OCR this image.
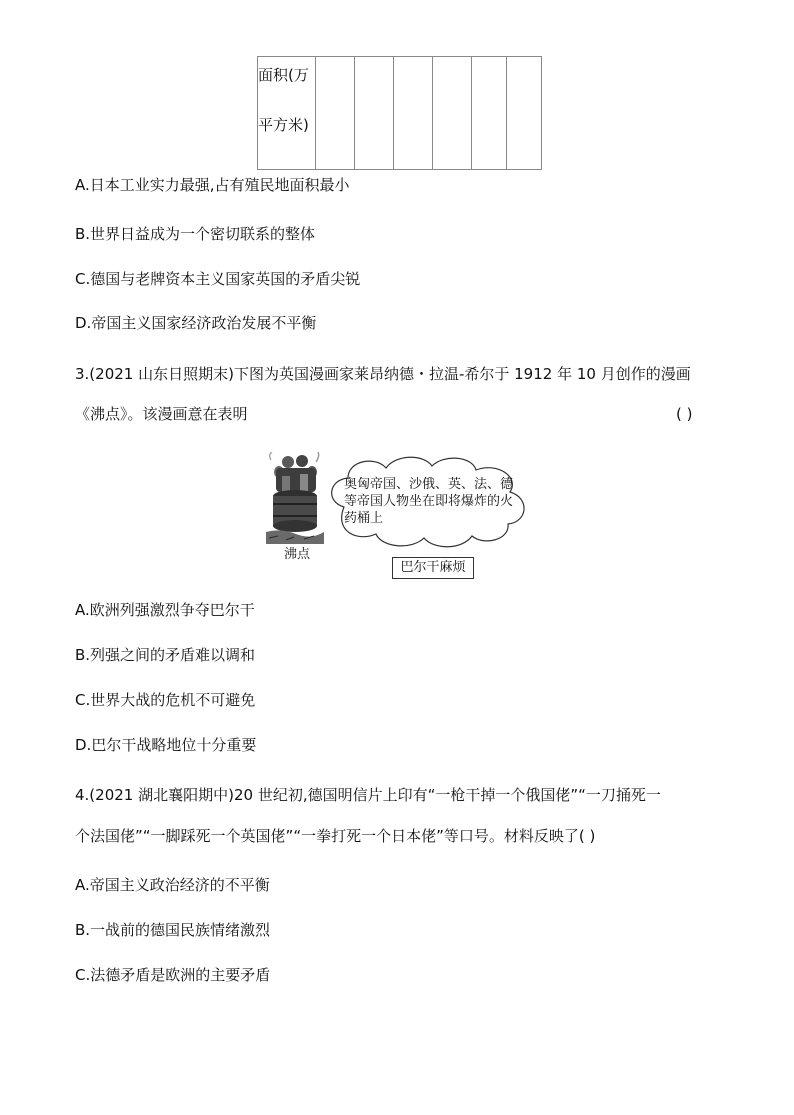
面积(万
平方米)

A.日本工业实力最强,占有殖民地面积最小
B.世界日益成为一个密切联系的整体
C.德国与老牌资本主义国家英国的矛盾尖锐
D.帝国主义国家经济政治发展不平衡
3.(2021 山东日照期末)下图为英国漫画家莱昂纳德・拉温-希尔于 1912 年 10 月创作的漫画
《沸点》。该漫画意在表明	( )
沸点
奥匈帝国、沙俄、英、法、德等帝国人物坐在即将爆炸的火药桶上
巴尔干麻烦
A.欧洲列强激烈争夺巴尔干
B.列强之间的矛盾难以调和
C.世界大战的危机不可避免
D.巴尔干战略地位十分重要
4.(2021 湖北襄阳期中)20 世纪初,德国明信片上印有“一枪干掉一个俄国佬”“一刀捅死一
个法国佬”“一脚踩死一个英国佬”“一拳打死一个日本佬”等口号。材料反映了( )
A.帝国主义政治经济的不平衡
B.一战前的德国民族情绪激烈
C.法德矛盾是欧洲的主要矛盾
